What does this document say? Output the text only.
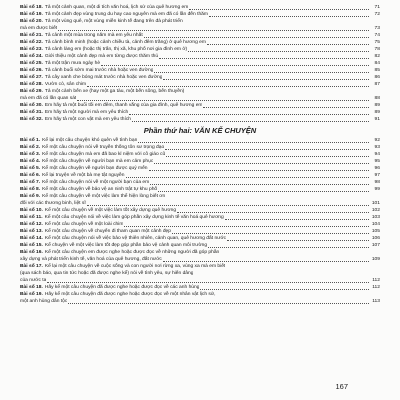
Bài số 18. Tả một cảnh quan, một di tích văn hoá, lịch sử của quê hương em	71
Bài số 19. Tả một cảnh đẹp vùng trung du hay cao nguyên mà em đã có lần đến thăm	72
Bài số 20. Tả một vùng quê, một vùng miền kinh tế đang trên đà phát triển
mà em được biết	73
Bài số 21. Tả cảnh một mùa trong năm mà em yêu nhất	74
Bài số 22. Tả cảnh bình minh (hoặc cảnh chiều tà, cảnh đêm trăng) ở quê hương em	75
Bài số 23. Tả cảnh làng em (hoặc thị trấn, thị xã, khu phố nơi gia đình em ở)	78
Bài số 24. Giới thiệu một cảnh đẹp mà em từng được thăm thú	82
Bài số 25. Tả một trận mưa ngày hè	84
Bài số 26. Tả cảnh buổi sớm mai trước nhà hoặc ven đường	85
Bài số 27. Tả cây xanh che bóng mát trước nhà hoặc ven đường	86
Bài số 28. Vườn cò, sân chim	87
Bài số 29. Tả một cảnh bến xe (hay một ga tàu, một bến sông, bến thuyền)
mà em đã có lần quan sát	88
Bài số 30. Em hãy tả một buổi tối em đêm, thanh vắng của gia đình, quê hương em	89
Bài số 31. Em hãy tả một người mà em yêu thích	89
Bài số 32. Em hãy tả một con vật mà em yêu thích	91
Phần thứ hai: VĂN KỂ CHUYỆN
Bài số 1. Kể lại một câu chuyện khó quên về tình bạn	92
Bài số 2. Kể một câu chuyện nói về truyền thống tôn sư trọng đạo	93
Bài số 3. Kể một câu chuyện mà em đã bao kỉ niệm với cô giáo cũ	94
Bài số 4. Kể một câu chuyện về người bạn mà em cảm phục	95
Bài số 5. Kể một câu chuyện về người bạn được quý mến	96
Bài số 6. Kể lại truyện về một bà mẹ tật nguyền	97
Bài số 7. Kể một câu chuyện nói về một người bạn của em	98
Bài số 8. Kể một câu chuyện về bảo vệ an ninh trật tự khu phố	99
Bài số 9. Kể một câu chuyện về một việc làm thể hiện lòng biết ơn
đối với các thương binh, liệt sĩ	101
Bài số 10. Kể một câu chuyện về một việc làm tốt xây dựng quê hương	102
Bài số 11. Kể một câu chuyện nói về việc làm góp phần xây dựng kinh tế văn hoá quê hương	103
Bài số 12. Kể một câu chuyện về một loài chim	104
Bài số 13. Kể một câu chuyện về chuyến đi tham quan một cảnh đẹp	105
Bài số 14. Kể một câu chuyện nói về việc bảo vệ thiên nhiên, cảnh quan, quê hương đất nước	106
Bài số 15. Kể chuyện về một việc làm tốt đẹp góp phần bảo vệ cảnh quan môi trường	107
Bài số 16. Kể một câu chuyện em được nghe hoặc được đọc về những người đã góp phần
xây dựng và phát triển kinh tế, văn hoá của quê hương, đất nước	109
Bài số 17. Kể lại một câu chuyện về cuộc sống và con người nơi rừng xa, vùng xa mà em biết
(qua sách báo, qua tin tức hoặc đã được nghe kể) nói về tình yêu, sự hiến dâng
của nước ta	112
Bài số 18. Hãy kể một câu chuyện đã được nghe hoặc được đọc về các anh hùng	112
Bài số 19. Hãy kể một câu chuyện đã được nghe hoặc được đọc về một nhân vật lịch sử,
một anh hùng dân tộc	113
167
